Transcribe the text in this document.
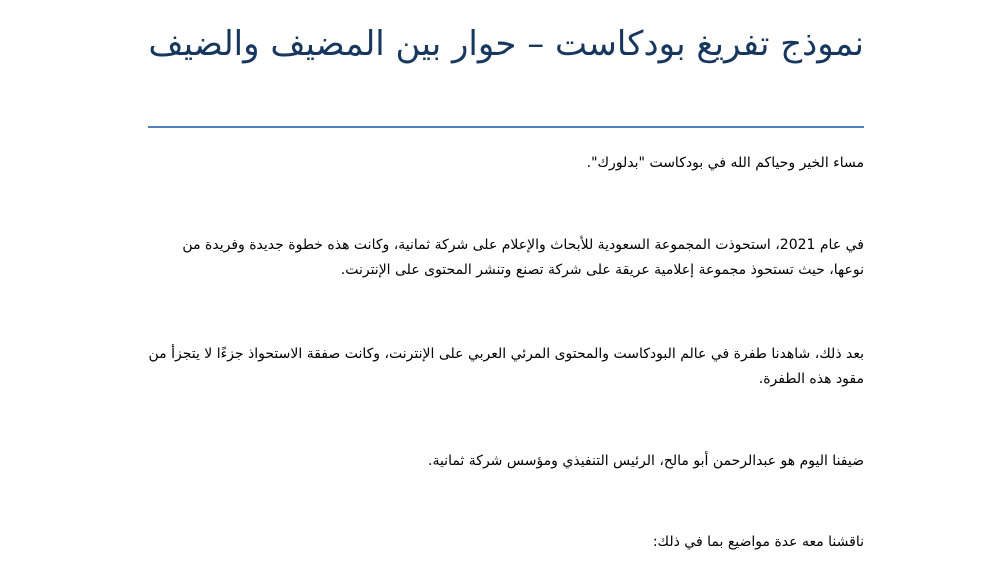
نموذج تفريغ بودكاست – حوار بين المضيف والضيف

مساء الخير وحياكم الله في بودكاست "بدلورك".

في عام 2021، استحوذت المجموعة السعودية للأبحاث والإعلام على شركة ثمانية، وكانت هذه خطوة جديدة وفريدة من نوعها، حيث تستحوذ مجموعة إعلامية عريقة على شركة تصنع وتنشر المحتوى على الإنترنت.

بعد ذلك، شاهدنا طفرة في عالم البودكاست والمحتوى المرئي العربي على الإنترنت، وكانت صفقة الاستحواذ جزءًا لا يتجزأ من مقود هذه الطفرة.

ضيفنا اليوم هو عبدالرحمن أبو مالح، الرئيس التنفيذي ومؤسس شركة ثمانية.

ناقشنا معه عدة مواضيع بما في ذلك:
